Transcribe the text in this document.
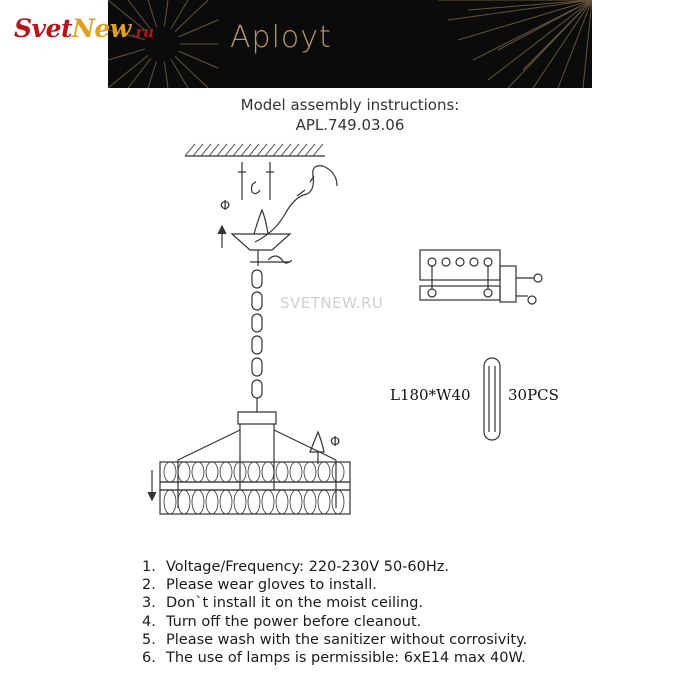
Aployt
SvetNew.ru
Model assembly instructions:
APL.749.03.06
Φ
Φ
SVETNEW.RU
L180*W40 30PCS
1. Voltage/Frequency: 220-230V 50-60Hz.
2. Please wear gloves to install.
3. Don`t install it on the moist ceiling.
4. Turn off the power before cleanout.
5. Please wash with the sanitizer without corrosivity.
6. The use of lamps is permissible: 6xE14 max 40W.
